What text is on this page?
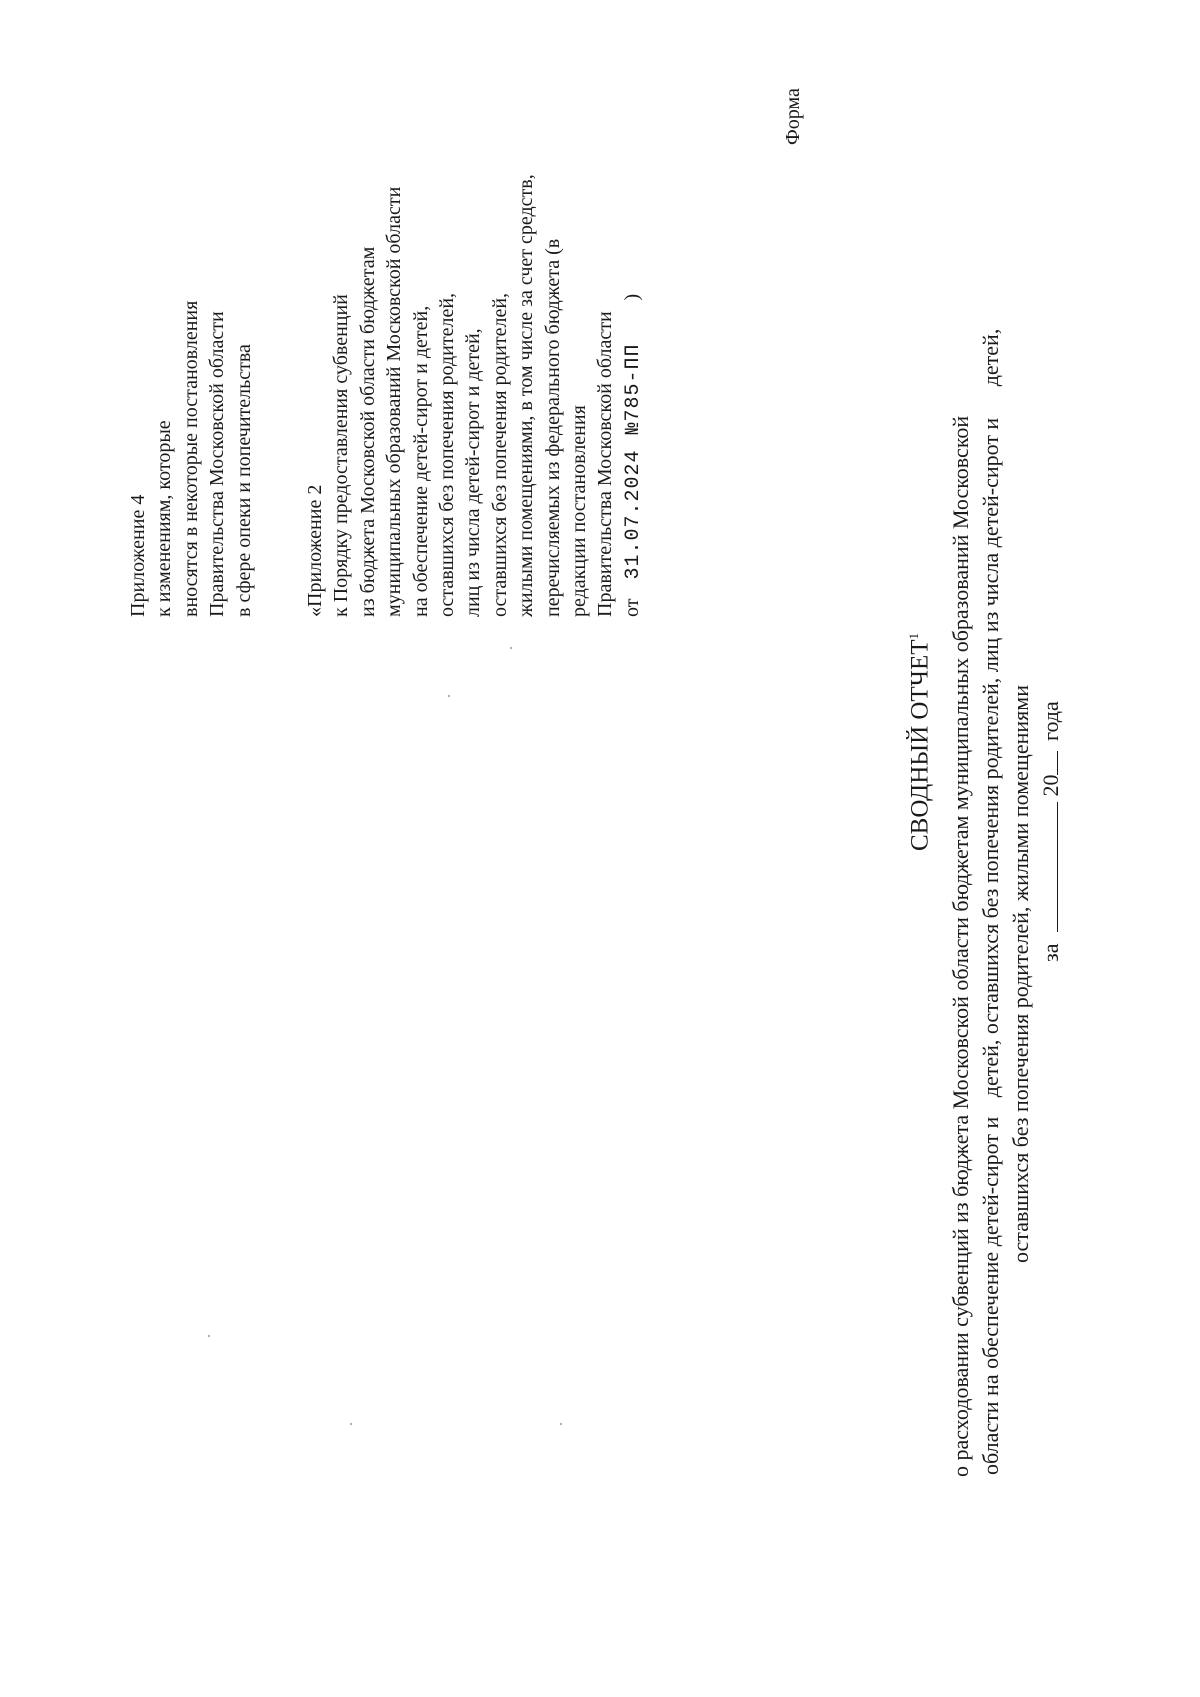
Приложение 4 к изменениям, которые вносятся в некоторые постановления Правительства Московской области в сфере опеки и попечительства «Приложение 2 к Порядку предоставления субвенций из бюджета Московской области бюджетам муниципальных образований Московской области на обеспечение детей-сирот и детей, оставшихся без попечения родителей, лиц из числа детей-сирот и детей, оставшихся без попечения родителей, жилыми помещениями, в том числе за счет средств, перечисляемых из федерального бюджета (в редакции постановления Правительства Московской области от 31.07.2024 №785-ПП )
Форма
СВОДНЫЙ ОТЧЕТ$^1$	о расходовании субвенций из бюджета Московской области бюджетам муниципальных образований Московской области на обеспечение детей-сирот и детей, оставшихся без попечения родителей, лиц из числа детей-сирот и детей,
оставшихся без попечения родителей, жилыми помещениями за  20 года
